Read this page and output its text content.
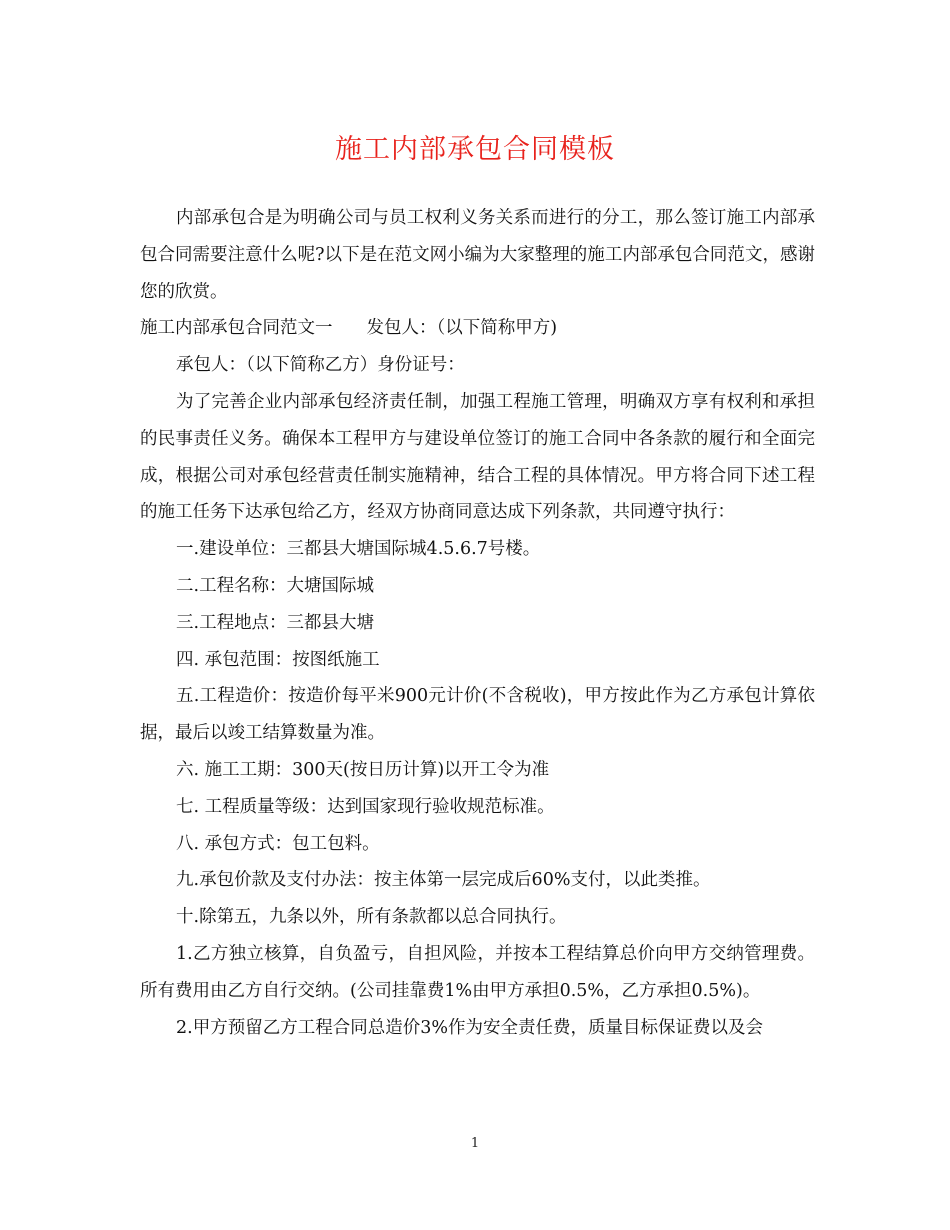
施工内部承包合同模板

内部承包合是为明确公司与员工权利义务关系而进行的分工，那么签订施工内部承包合同需要注意什么呢?以下是在范文网小编为大家整理的施工内部承包合同范文，感谢您的欣赏。

施工内部承包合同范文一 发包人：（以下简称甲方)

承包人：（以下简称乙方）身份证号：

为了完善企业内部承包经济责任制，加强工程施工管理，明确双方享有权利和承担的民事责任义务。确保本工程甲方与建设单位签订的施工合同中各条款的履行和全面完成，根据公司对承包经营责任制实施精神，结合工程的具体情况。甲方将合同下述工程的施工任务下达承包给乙方，经双方协商同意达成下列条款，共同遵守执行：

一.建设单位：三都县大塘国际城4.5.6.7号楼。

二.工程名称：大塘国际城

三.工程地点：三都县大塘

四. 承包范围：按图纸施工

五.工程造价：按造价每平米900元计价(不含税收)，甲方按此作为乙方承包计算依据，最后以竣工结算数量为准。

六. 施工工期：300天(按日历计算)以开工令为准

七. 工程质量等级：达到国家现行验收规范标准。

八. 承包方式：包工包料。

九.承包价款及支付办法：按主体第一层完成后60%支付，以此类推。

十.除第五，九条以外，所有条款都以总合同执行。

1.乙方独立核算，自负盈亏，自担风险，并按本工程结算总价向甲方交纳管理费。所有费用由乙方自行交纳。(公司挂靠费1%由甲方承担0.5%，乙方承担0.5%)。

2.甲方预留乙方工程合同总造价3%作为安全责任费，质量目标保证费以及会

1
